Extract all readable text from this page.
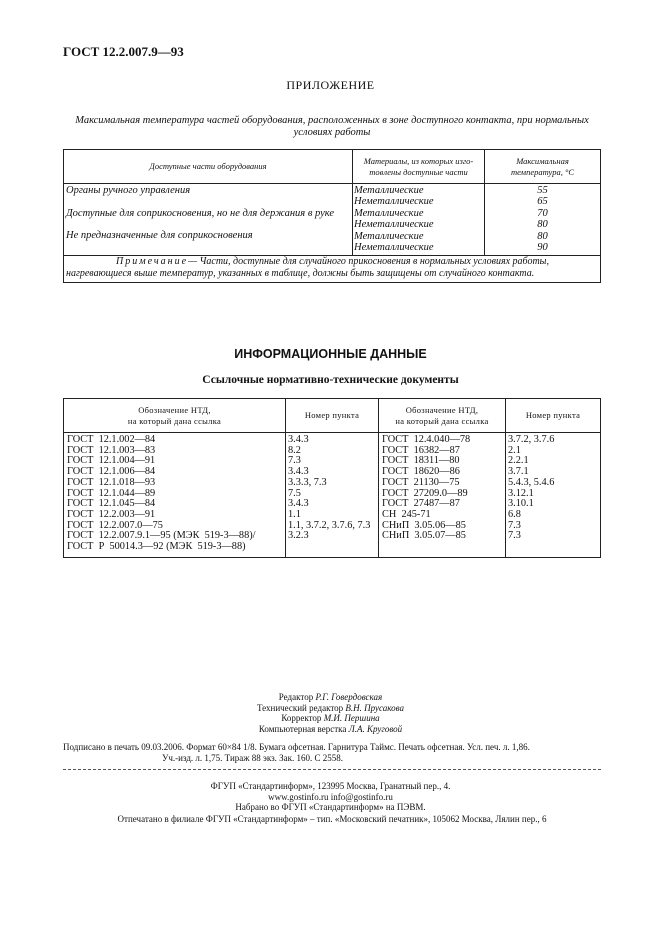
ГОСТ 12.2.007.9—93
ПРИЛОЖЕНИЕ
Максимальная температура частей оборудования, расположенных в зоне доступного контакта, при нормальных
условиях работы
Доступные части оборудования	Материалы, из которых изго-
товлены доступные части
Максимальная
температура, °С
Органы ручного управления
Доступные для соприкосновения, но не для держания в руке
Не предназначенные для соприкосновения
Металлические
Неметаллические
Металлические
Неметаллические
Металлические
Неметаллические
55
65
70
80
80
90
Примечание— Части, доступные для случайного прикосновения в нормальных условиях работы, нагревающиеся выше температур, указанных в таблице, должны быть защищены от случайного контакта.
ИНФОРМАЦИОННЫЕ ДАННЫЕ
Ссылочные нормативно-технические документы
Обозначение НТД,
на который дана ссылка
Номер пункта	Обозначение НТД,
на который дана ссылка
Номер пункта
ГОСТ  12.1.002—84
ГОСТ  12.1.003—83
ГОСТ  12.1.004—91
ГОСТ  12.1.006—84
ГОСТ  12.1.018—93
ГОСТ  12.1.044—89
ГОСТ  12.1.045—84
ГОСТ  12.2.003—91
ГОСТ  12.2.007.0—75
ГОСТ  12.2.007.9.1—95 (МЭК  519-3—88)/
ГОСТ  Р  50014.3—92 (МЭК  519-3—88)
3.4.3
8.2
7.3
3.4.3
3.3.3, 7.3
7.5
3.4.3
1.1
1.1, 3.7.2, 3.7.6, 7.3
3.2.3
ГОСТ  12.4.040—78
ГОСТ  16382—87
ГОСТ  18311—80
ГОСТ  18620—86
ГОСТ  21130—75
ГОСТ  27209.0—89
ГОСТ  27487—87
СН  245-71
СНиП  3.05.06—85
СНиП  3.05.07—85
3.7.2, 3.7.6
2.1
2.2.1
3.7.1
5.4.3, 5.4.6
3.12.1
3.10.1
6.8
7.3
7.3
Редактор Р.Г. Говердовская
Технический редактор В.Н. Прусакова
Корректор М.И. Першина
Компьютерная верстка Л.А. Круговой
Подписано в печать 09.03.2006. Формат 60×84 1/8. Бумага офсетная. Гарнитура Таймс. Печать офсетная. Усл. печ. л. 1,86.
Уч.-изд. л. 1,75. Тираж 88 экз. Зак. 160. С 2558.
ФГУП «Стандартинформ», 123995 Москва, Гранатный пер., 4.
www.gostinfo.ru info@gostinfo.ru
Набрано во ФГУП «Стандартинформ» на ПЭВМ.
Отпечатано в филиале ФГУП «Стандартинформ» – тип. «Московский печатник», 105062 Москва, Лялин пер., 6
